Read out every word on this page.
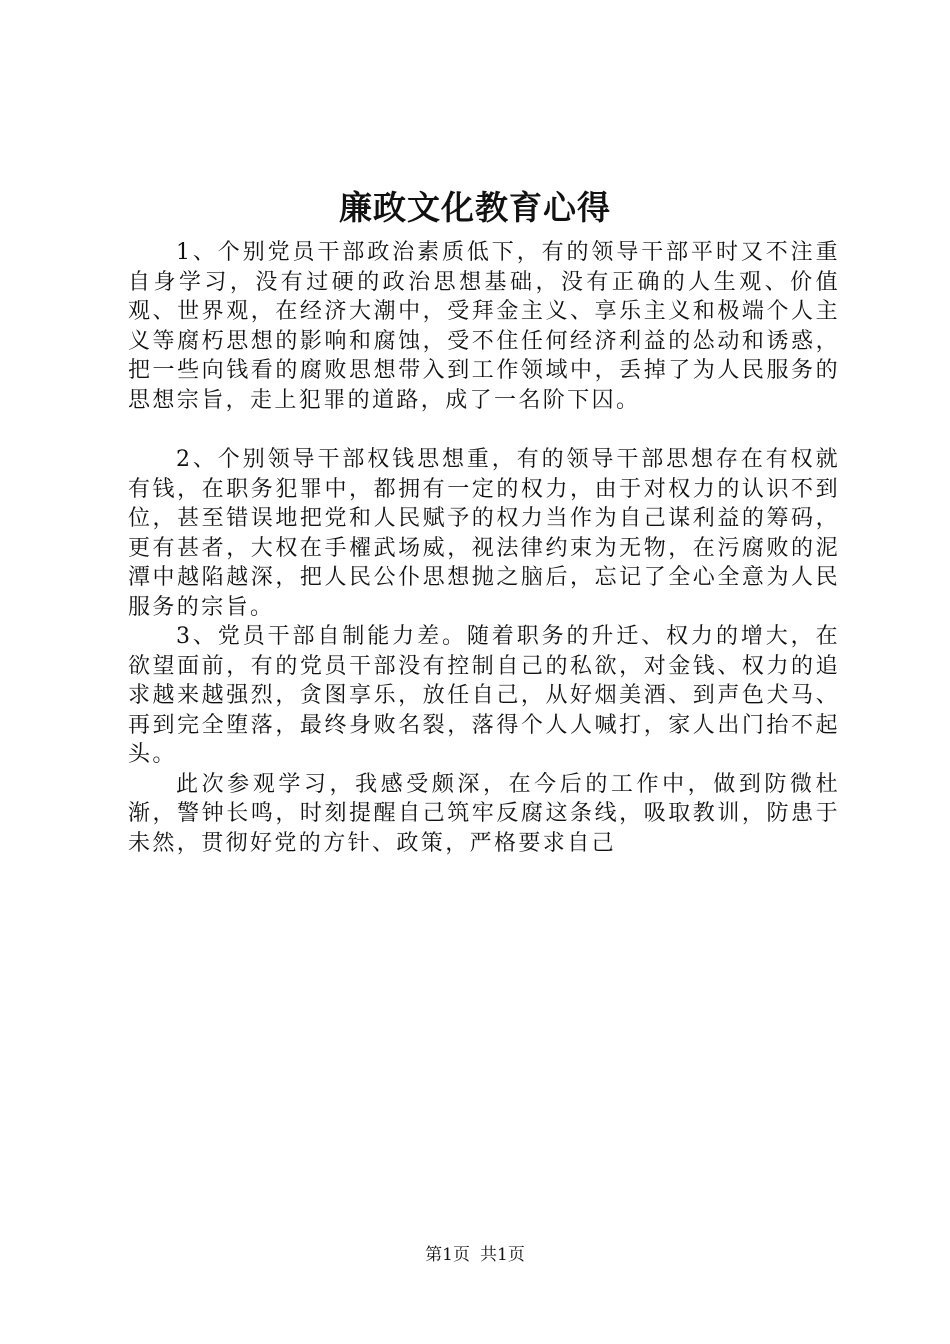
廉政文化教育心得

1、个别党员干部政治素质低下，有的领导干部平时又不注重自身学习，没有过硬的政治思想基础，没有正确的人生观、价值观、世界观，在经济大潮中，受拜金主义、享乐主义和极端个人主义等腐朽思想的影响和腐蚀，受不住任何经济利益的怂动和诱惑，把一些向钱看的腐败思想带入到工作领域中，丢掉了为人民服务的思想宗旨，走上犯罪的道路，成了一名阶下囚。

2、个别领导干部权钱思想重，有的领导干部思想存在有权就有钱，在职务犯罪中，都拥有一定的权力，由于对权力的认识不到位，甚至错误地把党和人民赋予的权力当作为自己谋利益的筹码，更有甚者，大权在手櫂武场威，视法律约束为无物，在污腐败的泥潭中越陷越深，把人民公仆思想抛之脑后，忘记了全心全意为人民服务的宗旨。

3、党员干部自制能力差。随着职务的升迁、权力的增大，在欲望面前，有的党员干部没有控制自己的私欲，对金钱、权力的追求越来越强烈，贪图享乐，放任自己，从好烟美酒、到声色犬马、再到完全堕落，最终身败名裂，落得个人人喊打，家人出门抬不起头。

此次参观学习，我感受颇深，在今后的工作中，做到防微杜渐，警钟长鸣，时刻提醒自己筑牢反腐这条线，吸取教训，防患于未然，贯彻好党的方针、政策，严格要求自己

第1页 共1页
